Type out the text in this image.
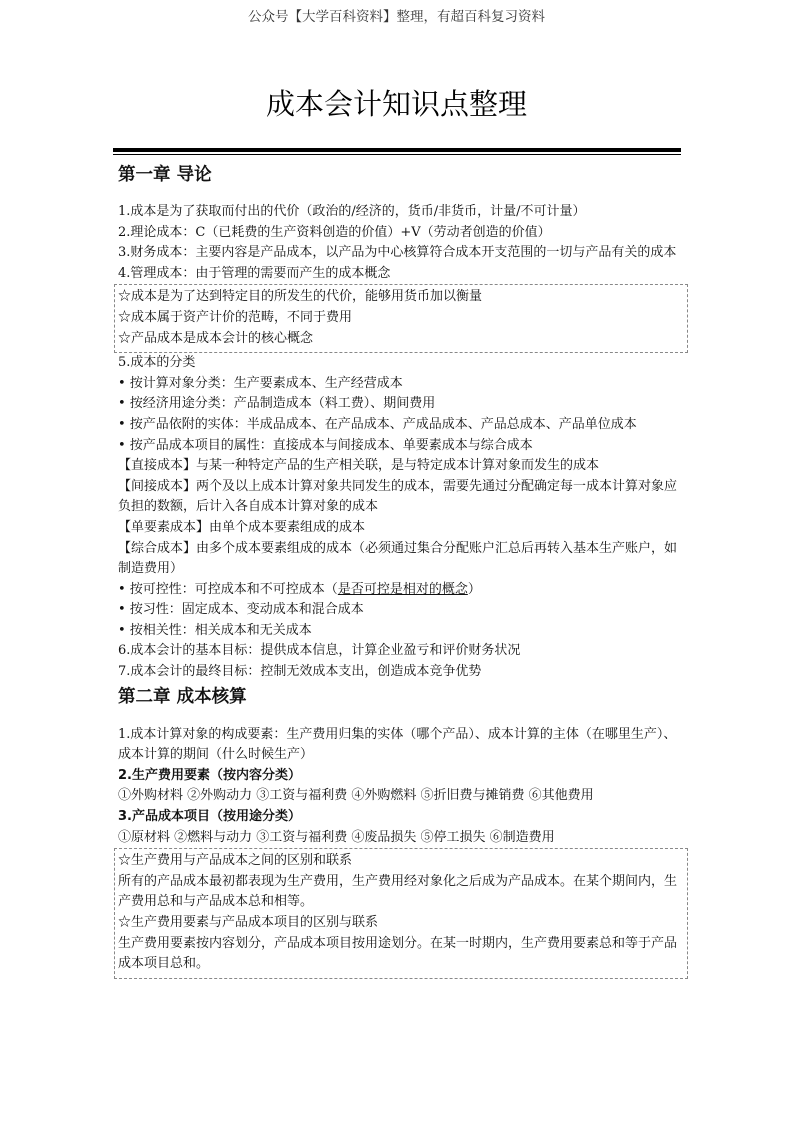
公众号【大学百科资料】整理，有超百科复习资料
成本会计知识点整理
第一章 导论

1.成本是为了获取而付出的代价（政治的/经济的，货币/非货币，计量/不可计量）

2.理论成本：C（已耗费的生产资料创造的价值）+V（劳动者创造的价值）

3.财务成本：主要内容是产品成本，以产品为中心核算符合成本开支范围的一切与产品有关的成本

4.管理成本：由于管理的需要而产生的成本概念

☆成本是为了达到特定目的所发生的代价，能够用货币加以衡量

☆成本属于资产计价的范畴，不同于费用

☆产品成本是成本会计的核心概念

5.成本的分类

• 按计算对象分类：生产要素成本、生产经营成本

• 按经济用途分类：产品制造成本（料工费）、期间费用

• 按产品依附的实体：半成品成本、在产品成本、产成品成本、产品总成本、产品单位成本

• 按产品成本项目的属性：直接成本与间接成本、单要素成本与综合成本

【直接成本】与某一种特定产品的生产相关联，是与特定成本计算对象而发生的成本

【间接成本】两个及以上成本计算对象共同发生的成本，需要先通过分配确定每一成本计算对象应负担的数额，后计入各自成本计算对象的成本

【单要素成本】由单个成本要素组成的成本

【综合成本】由多个成本要素组成的成本（必须通过集合分配账户汇总后再转入基本生产账户，如制造费用）

• 按可控性：可控成本和不可控成本（是否可控是相对的概念）

• 按习性：固定成本、变动成本和混合成本

• 按相关性：相关成本和无关成本

6.成本会计的基本目标：提供成本信息，计算企业盈亏和评价财务状况

7.成本会计的最终目标：控制无效成本支出，创造成本竞争优势

第二章 成本核算

1.成本计算对象的构成要素：生产费用归集的实体（哪个产品）、成本计算的主体（在哪里生产）、成本计算的期间（什么时候生产）

2.生产费用要素（按内容分类）

①外购材料 ②外购动力 ③工资与福利费 ④外购燃料 ⑤折旧费与摊销费 ⑥其他费用

3.产品成本项目（按用途分类）

①原材料 ②燃料与动力 ③工资与福利费 ④废品损失 ⑤停工损失 ⑥制造费用

☆生产费用与产品成本之间的区别和联系

所有的产品成本最初都表现为生产费用，生产费用经对象化之后成为产品成本。在某个期间内，生产费用总和与产品成本总和相等。

☆生产费用要素与产品成本项目的区别与联系

生产费用要素按内容划分，产品成本项目按用途划分。在某一时期内，生产费用要素总和等于产品成本项目总和。
